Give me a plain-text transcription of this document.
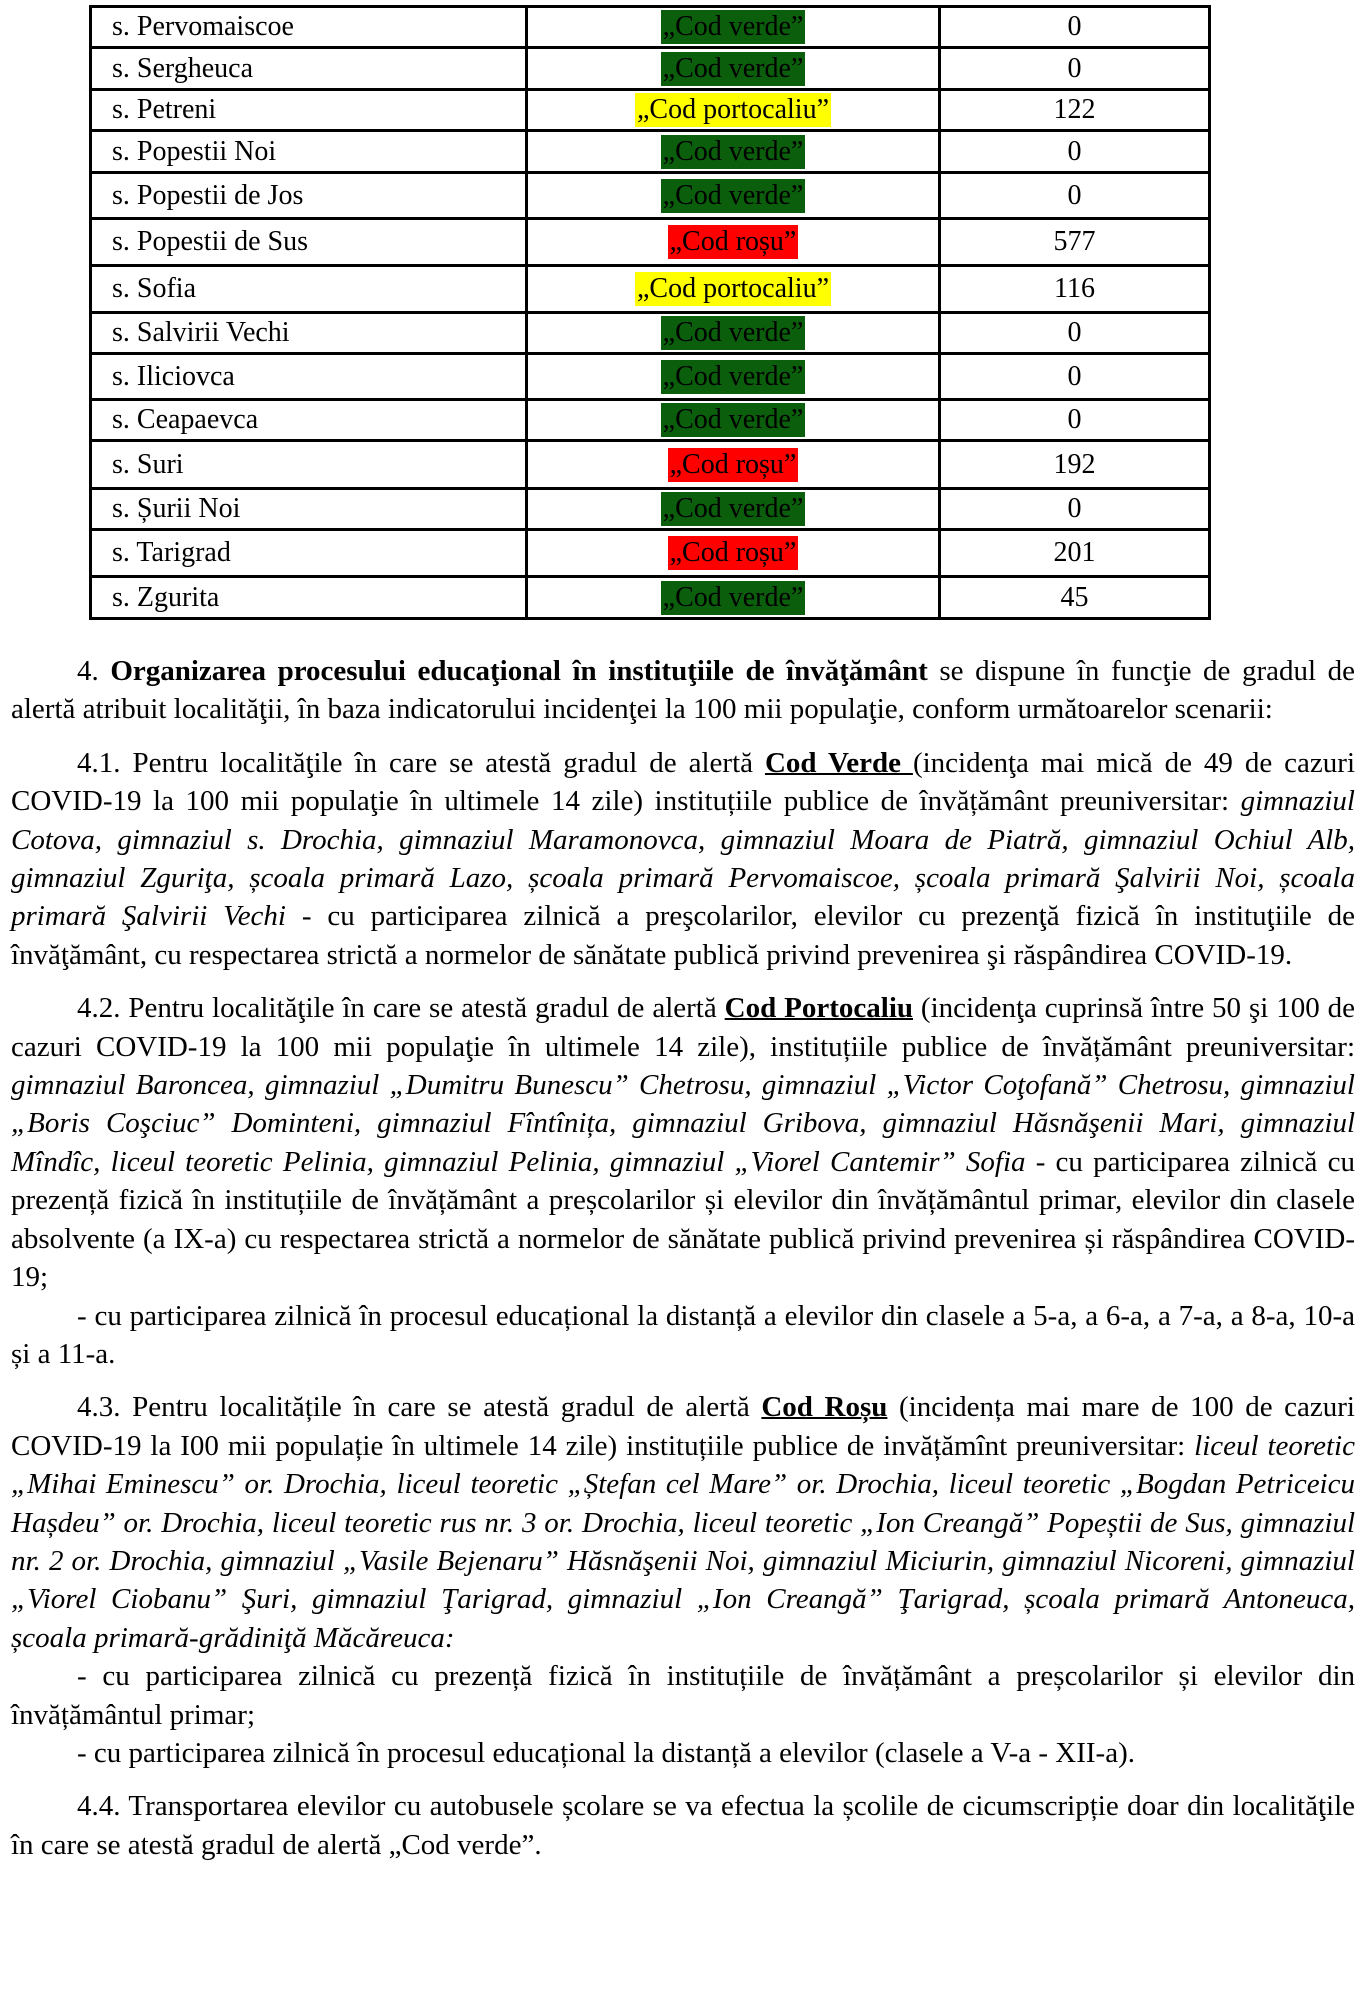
s. Pervomaiscoe	„Cod verde”	0
s. Sergheuca	„Cod verde”	0
s. Petreni	„Cod portocaliu”	122
s. Popestii Noi	„Cod verde”	0
s. Popestii de Jos	„Cod verde”	0
s. Popestii de Sus	„Cod roșu”	577
s. Sofia	„Cod portocaliu”	116
s. Salvirii Vechi	„Cod verde”	0
s. Iliciovca	„Cod verde”	0
s. Ceapaevca	„Cod verde”	0
s. Suri	„Cod roșu”	192
s. Șurii Noi	„Cod verde”	0
s. Tarigrad	„Cod roșu”	201
s. Zgurita	„Cod verde”	45

4. Organizarea procesului educaţional în instituţiile de învăţământ se dispune în funcţie de gradul de alertă atribuit localităţii, în baza indicatorului incidenţei la 100 mii populaţie, conform următoarelor scenarii:

4.1. Pentru localităţile în care se atestă gradul de alertă Cod Verde (incidenţa mai mică de 49 de cazuri COVID-19 la 100 mii populaţie în ultimele 14 zile) instituțiile publice de învățământ preuniversitar: gimnaziul Cotova, gimnaziul s. Drochia, gimnaziul Maramonovca, gimnaziul Moara de Piatră, gimnaziul Ochiul Alb, gimnaziul Zguriţa, școala primară Lazo, școala primară Pervomaiscoe, școala primară Şalvirii Noi, școala primară Şalvirii Vechi - cu participarea zilnică a preşcolarilor, elevilor cu prezenţă fizică în instituţiile de învăţământ, cu respectarea strictă a normelor de sănătate publică privind prevenirea şi răspândirea COVID-19.

4.2. Pentru localităţile în care se atestă gradul de alertă Cod Portocaliu (incidenţa cuprinsă între 50 şi 100 de cazuri COVID-19 la 100 mii populaţie în ultimele 14 zile), instituțiile publice de învățământ preuniversitar: gimnaziul Baroncea, gimnaziul „Dumitru Bunescu” Chetrosu, gimnaziul „Victor Coţofană” Chetrosu, gimnaziul „Boris Coşciuc” Dominteni, gimnaziul Fîntînița, gimnaziul Gribova, gimnaziul Hăsnăşenii Mari, gimnaziul Mîndîc, liceul teoretic Pelinia, gimnaziul Pelinia, gimnaziul „Viorel Cantemir” Sofia - cu participarea zilnică cu prezență fizică în instituțiile de învățământ a preșcolarilor și elevilor din învățământul primar, elevilor din clasele absolvente (a IX-a) cu respectarea strictă a normelor de sănătate publică privind prevenirea și răspândirea COVID-19;

- cu participarea zilnică în procesul educațional la distanță a elevilor din clasele a 5-a, a 6-a, a 7-a, a 8-a, 10-a și a 11-a.

4.3. Pentru localitățile în care se atestă gradul de alertă Cod Roșu (incidența mai mare de 100 de cazuri COVID-19 la I00 mii populație în ultimele 14 zile) instituțiile publice de invățămînt preuniversitar: liceul teoretic „Mihai Eminescu” or. Drochia, liceul teoretic „Ștefan cel Mare” or. Drochia, liceul teoretic „Bogdan Petriceicu Hașdeu” or. Drochia, liceul teoretic rus nr. 3 or. Drochia, liceul teoretic „Ion Creangă” Popeștii de Sus, gimnaziul nr. 2 or. Drochia, gimnaziul „Vasile Bejenaru” Hăsnăşenii Noi, gimnaziul Miciurin, gimnaziul Nicoreni, gimnaziul „Viorel Ciobanu” Şuri, gimnaziul Ţarigrad, gimnaziul „Ion Creangă” Ţarigrad, școala primară Antoneuca, școala primară-grădiniţă Măcăreuca:

- cu participarea zilnică cu prezență fizică în instituțiile de învățământ a preșcolarilor și elevilor din învățământul primar;

- cu participarea zilnică în procesul educațional la distanță a elevilor (clasele a V-a - XII-a).

4.4. Transportarea elevilor cu autobusele școlare se va efectua la școlile de cicumscripție doar din localităţile în care se atestă gradul de alertă „Cod verde”.
